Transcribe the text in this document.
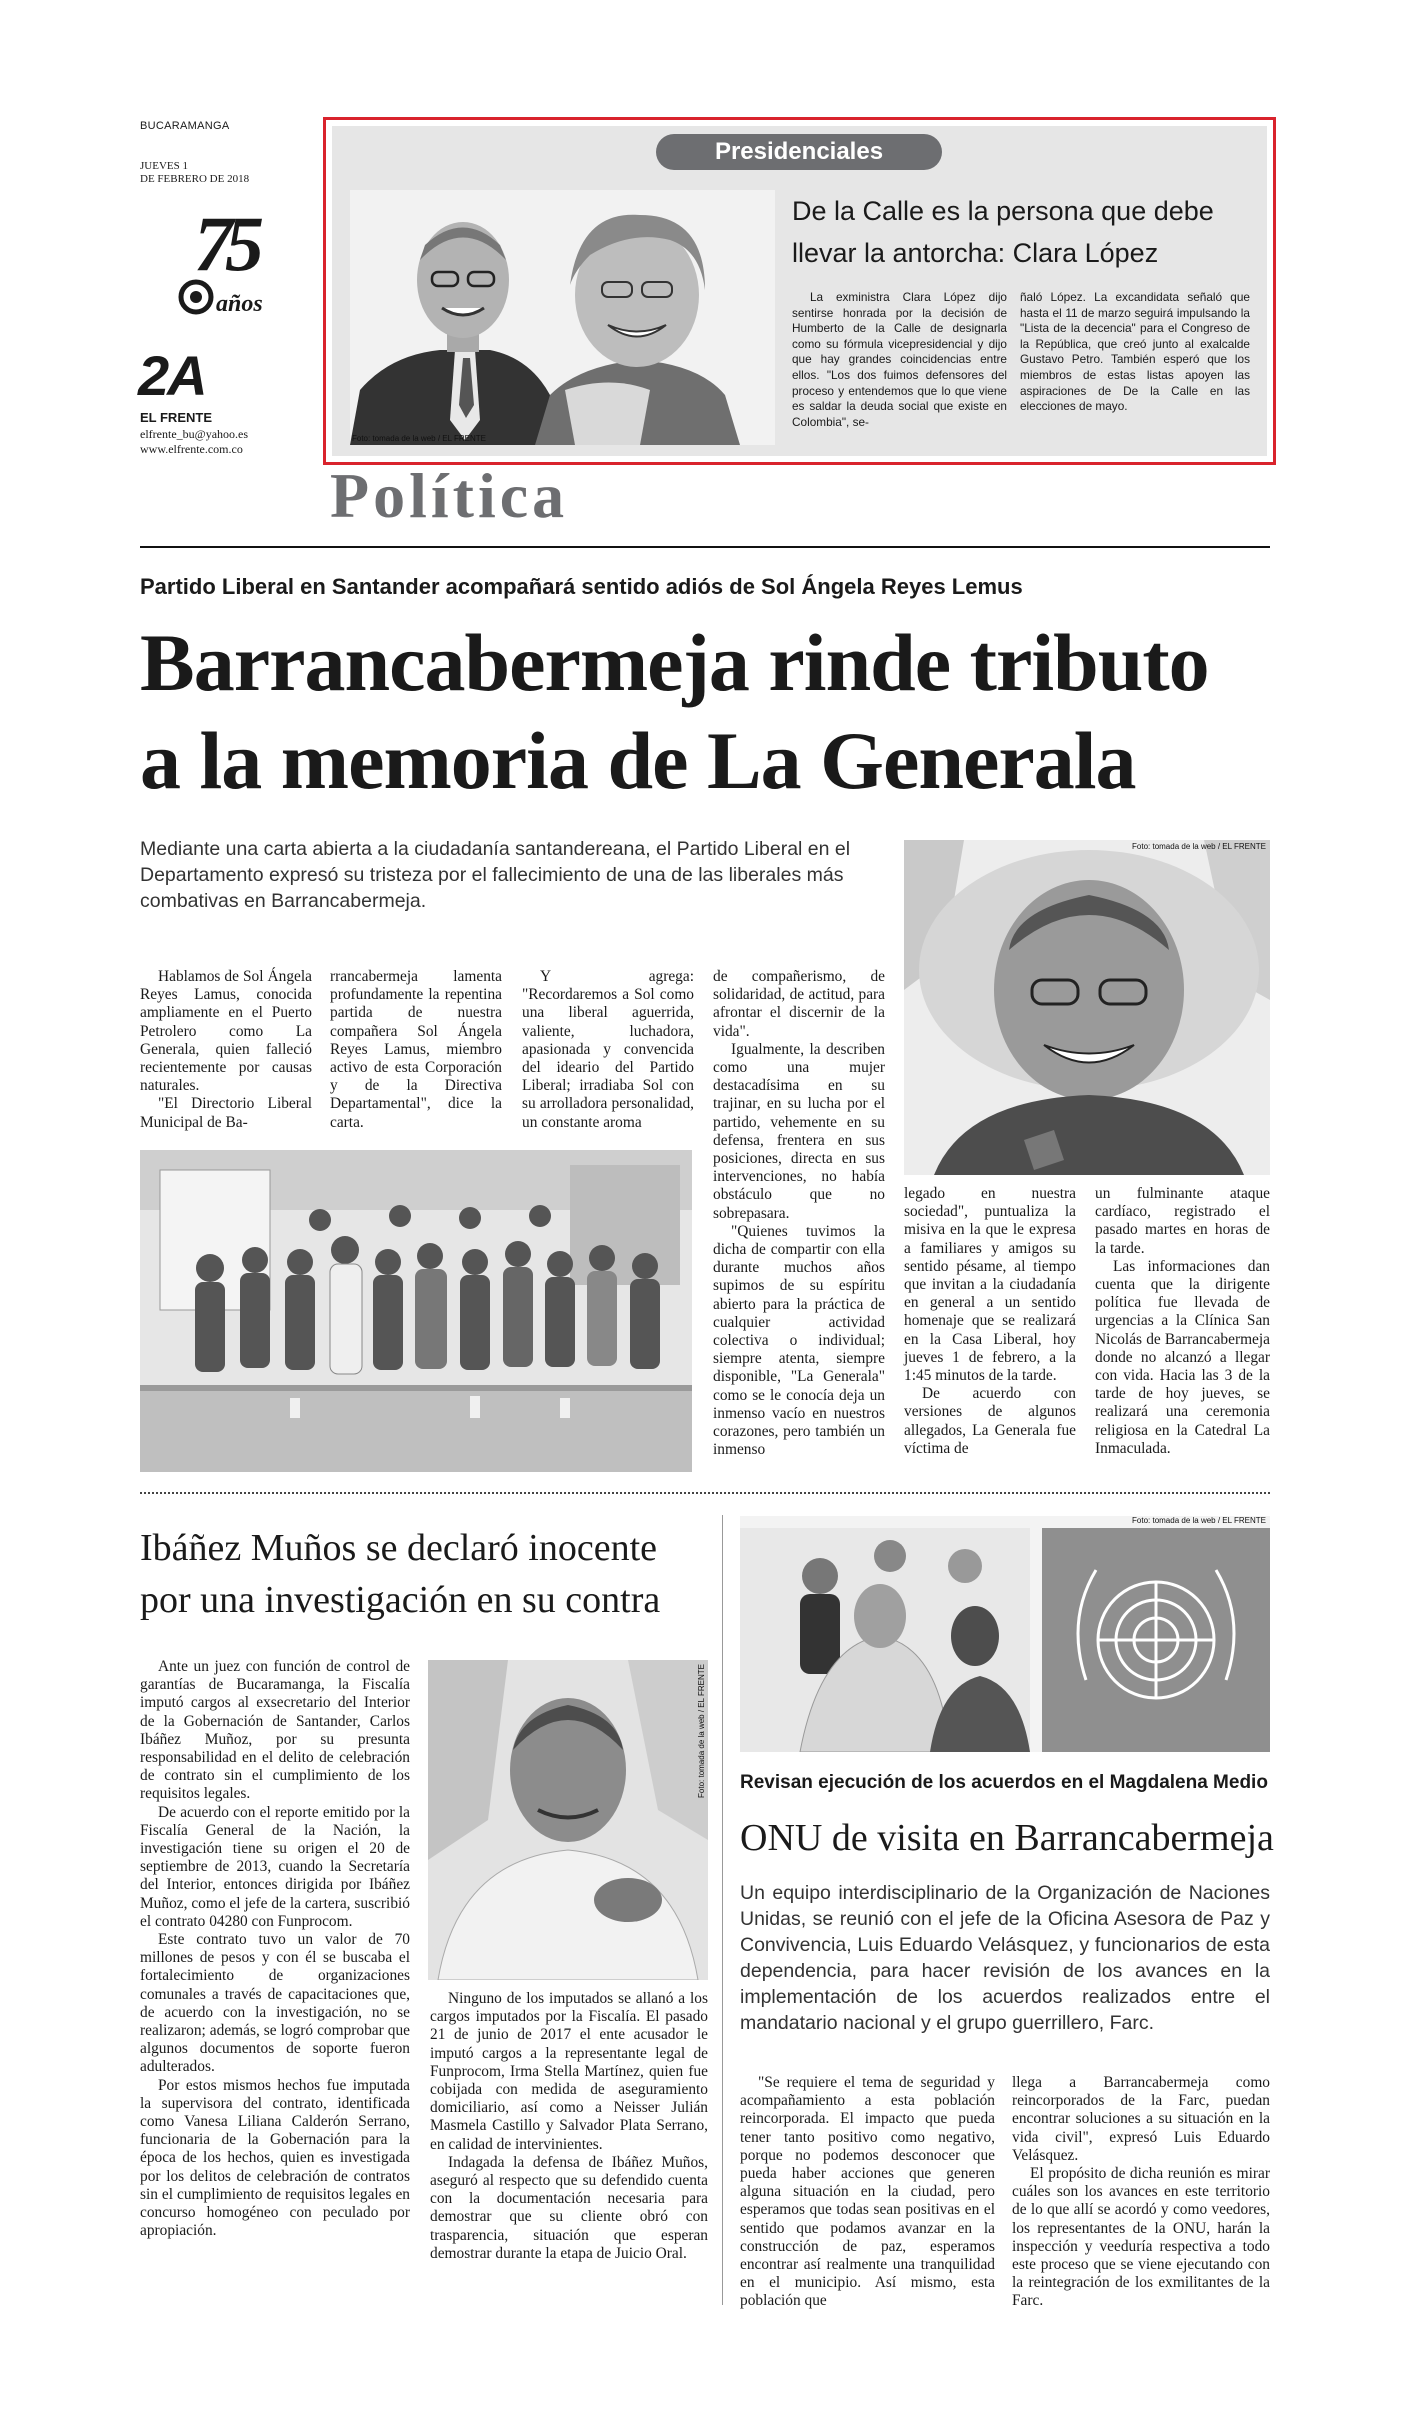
BUCARAMANGA
JUEVES 1
DE FEBRERO DE 2018
75
años
2A
EL FRENTE
elfrente_bu@yahoo.es
www.elfrente.com.co
Presidenciales
Foto: tomada de la web / EL FRENTE
De la Calle es la persona que debe
llevar la antorcha: Clara López
La exministra Clara López dijo sentirse honrada por la decisión de Humberto de la Calle de designarla como su fórmula vicepresidencial y dijo que hay grandes coincidencias entre ellos. "Los dos fuimos defensores del proceso y entendemos que lo que viene es saldar la deuda social que existe en Colombia", se-
ñaló López. La excandidata señaló que hasta el 11 de marzo seguirá impulsando la "Lista de la decencia" para el Congreso de la República, que creó junto al exalcalde Gustavo Petro. También esperó que los miembros de estas listas apoyen las aspiraciones de De la Calle en las elecciones de mayo.
Política
Partido Liberal en Santander acompañará sentido adiós de Sol Ángela Reyes Lemus
Barrancabermeja rinde tributo
a la memoria de La Generala
Mediante una carta abierta a la ciudadanía santandereana, el Partido Liberal en el Departamento expresó su tristeza por el fallecimiento de una de las liberales más combativas en Barrancabermeja.
Foto: tomada de la web / EL FRENTE

Hablamos de Sol Ángela Reyes Lamus, conocida ampliamente en el Puerto Petrolero como La Generala, quien falleció recientemente por causas naturales.

"El Directorio Liberal Municipal de Ba-

rrancabermeja lamenta profundamente la repentina partida de nuestra compañera Sol Ángela Reyes Lamus, miembro activo de esta Corporación y de la Directiva Departamental", dice la carta.

Y agrega: "Recordaremos a Sol como una liberal aguerrida, valiente, luchadora, apasionada y convencida del ideario del Partido Liberal; irradiaba Sol con su arrolladora personalidad, un constante aroma

de compañerismo, de solidaridad, de actitud, para afrontar el discernir de la vida".

Igualmente, la describen como una mujer destacadísima en su trajinar, en su lucha por el partido, vehemente en su defensa, frentera en sus posiciones, directa en sus intervenciones, no había obstáculo que no sobrepasara.

"Quienes tuvimos la dicha de compartir con ella durante muchos años supimos de su espíritu abierto para la práctica de cualquier actividad colectiva o individual; siempre atenta, siempre disponible, "La Generala" como se le conocía deja un inmenso vacío en nuestros corazones, pero también un inmenso

legado en nuestra sociedad", puntualiza la misiva en la que le expresa a familiares y amigos su sentido pésame, al tiempo que invitan a la ciudadanía en general a un sentido homenaje que se realizará en la Casa Liberal, hoy jueves 1 de febrero, a la 1:45 minutos de la tarde.

De acuerdo con versiones de algunos allegados, La Generala fue víctima de

un fulminante ataque cardíaco, registrado el pasado martes en horas de la tarde.

Las informaciones dan cuenta que la dirigente política fue llevada de urgencias a la Clínica San Nicolás de Barrancabermeja donde no alcanzó a llegar con vida. Hacia las 3 de la tarde de hoy jueves, se realizará una ceremonia religiosa en la Catedral La Inmaculada.

Ibáñez Muños se declaró inocente
por una investigación en su contra

Ante un juez con función de control de garantías de Bucaramanga, la Fiscalía imputó cargos al exsecretario del Interior de la Gobernación de Santander, Carlos Ibáñez Muñoz, por su presunta responsabilidad en el delito de celebración de contrato sin el cumplimiento de los requisitos legales.

De acuerdo con el reporte emitido por la Fiscalía General de la Nación, la investigación tiene su origen el 20 de septiembre de 2013, cuando la Secretaría del Interior, entonces dirigida por Ibáñez Muñoz, como el jefe de la cartera, suscribió el contrato 04280 con Funprocom.

Este contrato tuvo un valor de 70 millones de pesos y con él se buscaba el fortalecimiento de organizaciones comunales a través de capacitaciones que, de acuerdo con la investigación, no se realizaron; además, se logró comprobar que algunos documentos de soporte fueron adulterados.

Por estos mismos hechos fue imputada la supervisora del contrato, identificada como Vanesa Liliana Calderón Serrano, funcionaria de la Gobernación para la época de los hechos, quien es investigada por los delitos de celebración de contratos sin el cumplimiento de requisitos legales en concurso homogéneo con peculado por apropiación.

Foto: tomada de la web / EL FRENTE

Ninguno de los imputados se allanó a los cargos imputados por la Fiscalía. El pasado 21 de junio de 2017 el ente acusador le imputó cargos a la representante legal de Funprocom, Irma Stella Martínez, quien fue cobijada con medida de aseguramiento domiciliario, así como a Neisser Julián Masmela Castillo y Salvador Plata Serrano, en calidad de intervinientes.

Indagada la defensa de Ibáñez Muños, aseguró al respecto que su defendido cuenta con la documentación necesaria para demostrar que su cliente obró con trasparencia, situación que esperan demostrar durante la etapa de Juicio Oral.

Foto: tomada de la web / EL FRENTE
Revisan ejecución de los acuerdos en el Magdalena Medio
ONU de visita en Barrancabermeja
Un equipo interdisciplinario de la Organización de Naciones Unidas, se reunió con el jefe de la Oficina Asesora de Paz y Convivencia, Luis Eduardo Velásquez, y funcionarios de esta dependencia, para hacer revisión de los avances en la implementación de los acuerdos realizados entre el mandatario nacional y el grupo guerrillero, Farc.

"Se requiere el tema de seguridad y acompañamiento a esta población reincorporada. El impacto que pueda tener tanto positivo como negativo, porque no podemos desconocer que pueda haber acciones que generen alguna situación en la ciudad, pero esperamos que todas sean positivas en el sentido que podamos avanzar en la construcción de paz, esperamos encontrar así realmente una tranquilidad en el municipio. Así mismo, esta población que

llega a Barrancabermeja como reincorporados de la Farc, puedan encontrar soluciones a su situación en la vida civil", expresó Luis Eduardo Velásquez.

El propósito de dicha reunión es mirar cuáles son los avances en este territorio de lo que allí se acordó y como veedores, los representantes de la ONU, harán la inspección y veeduría respectiva a todo este proceso que se viene ejecutando con la reintegración de los exmilitantes de la Farc.
